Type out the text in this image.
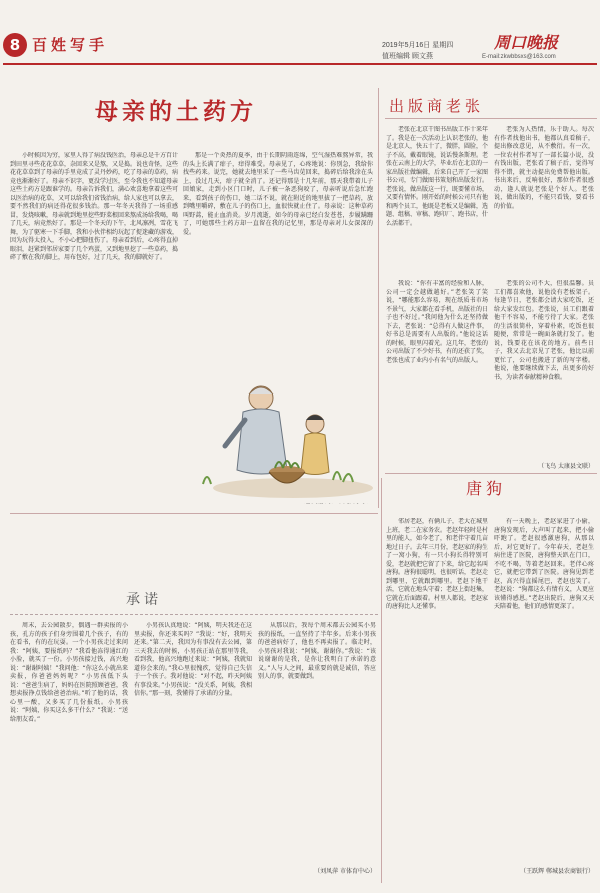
8 百姓写手	2019年5月16日 星期四
值班编辑 顾文燕
周口晚报
E-mail:zkwbbsxs@163.com
母亲的土药方

小时候因为穷，家里人得了病没钱医治，母亲总是千方百计到田里寻些花花草草，杂回来又是熬，又是捣。说也奇怪，这些花花草草到了母亲的手里竟成了灵丹妙药，吃了母亲的草药，病竟也渐渐好了。母亲不识字，更没学过医，至今我也不知道母亲这些土药方是跟谁学的。母亲告诉我们，满心欢喜地拿着这些可以医治病的花草，又可以给我们省钱治病，给人家也可以拿去，要不然我们的病还得花很多钱治。那一年冬天我得了一场重感冒，发烧咳嗽，母亲就到地里挖些野菜根回来熬成汤给我喝，喝了几天，病竟然好了。那是一个冬天的下午，北风凛冽，雪花飞舞，为了驱寒一下手脚，我和小伙伴相约玩起了捉迷藏的游戏，因为玩得太投入，不小心把脚扭伤了。母亲看到后，心疼得直掉眼泪，赶紧到邻居家要了几个鸡蛋，又到地里挖了一些草药，捣碎了敷在我的脚上，用布包好，过了几天，我的脚就好了。

那是一个炎热的夏季，由于长期阴雨连绵，空气湿热难熬异常，我的头上长满了痱子，痒得难受。母亲见了，心疼地说：你别急，我给你找些药来。说完，她就去地里采了一些马齿苋回来，捣碎后给我涂在头上，没过几天，痱子就全消了。还记得那是十几年前，那天我带着儿子回娘家，走到小区门口时，儿子被一条恶狗咬了，母亲听说后急忙跑来，看到孩子的伤口，她二话不说，就在附近的地里拔了一把草药，放到嘴里嚼碎，敷在儿子的伤口上，血很快就止住了。母亲说：这种草药叫野蒿，能止血消炎。岁月流逝，如今的母亲已经白发苍苍，步履蹒跚了，可她那些土药方却一直留在我的记忆里，那是母亲对儿女深深的爱。

出版商老张

老张在北京干图书出版工作十来年了。我是在一次活动上认识老张的，他是北京人，快五十了，微胖，圆脸，个子不高，戴着眼镜，说话慢条斯理。老张在云南上的大学，毕业后在北京的一家出版社做编辑，后来自己开了一家图书公司，专门做图书策划和出版发行。老张说，做出版这一行，既要懂市场，又要有情怀。刚开始的时候公司只有他和两个员工，他既是老板又是编辑，选题、组稿、审稿、跑印厂、跑书店，什么活都干。

我说：“你有丰富的经验和人脉，公司一定会越做越好。”老张笑了笑说，“哪能那么容易，现在纸质书市场不景气，大家都在看手机，出版社的日子也不好过。”我问他为什么还坚持做下去，老张说：“总得有人做这件事，好书总是需要有人出版的。”他说这话的时候，眼里闪着光。这几年，老张的公司出版了不少好书，有的还获了奖，老张也成了业内小有名气的出版人。

老张为人热情，乐于助人。每次有作者找他出书，他都认真看稿子，提出修改意见，从不敷衍。有一次，一位农村作者写了一部长篇小说，没有钱出版，老张看了稿子后，觉得写得不错，就主动提出免费帮他出版。书出来后，反响很好，那位作者很感动，逢人就说老张是个好人。老张说，做出版的，不能只看钱，要看书的价值。

老张的公司不大，但很温馨。员工们都喜欢他，说他没有老板架子。每逢节日，老张都会请大家吃饭，还给大家发红包。老张说，员工们跟着他干不容易，不能亏待了大家。老张的生活很简朴，穿着朴素，吃饭也很随便，常常是一碗面条就打发了。他说，钱要花在该花的地方。前些日子，我又去北京见了老张，他比以前更忙了，公司也搬进了新的写字楼。他说，他要继续做下去，出更多的好书，为读者奉献精神食粮。

（飞鸟 太康县文联）
承诺

周末，去公园散步，偶遇一群卖报的小孩，孔方的孩子们身旁围着几个孩子，有的在看书，有的在玩耍。一个小男孩走过来问我：“阿姨，要报纸吗？”我看他冻得通红的小脸，就买了一份。小男孩接过钱，高兴地说：“谢谢阿姨！”我问他：“你这么小就出来卖报，你爸爸妈妈呢？”小男孩低下头说：“爸爸生病了，妈妈在医院照顾爸爸，我想卖报挣点钱给爸爸治病。”听了他的话，我心里一酸，又多买了几份报纸。小男孩说：“阿姨，你买这么多干什么？”我说：“送给朋友看。”

小男孩认真地说：“阿姨，明天我还在这里卖报，你还来买吗？”我说：“好，我明天还来。”第二天，我因为有事没有去公园，第三天我去的时候，小男孩正站在那里等我，看到我，他高兴地跑过来说：“阿姨，我就知道你会来的。”我心里很愧疚，觉得自己失信于一个孩子。我对他说：“对不起，昨天阿姨有事没来。”小男孩说：“没关系，阿姨，我相信你。”那一刻，我懂得了承诺的分量。

从那以后，我每个周末都去公园买小男孩的报纸，一直坚持了半年多。后来小男孩的爸爸病好了，他也不再卖报了。临走时，小男孩对我说：“阿姨，谢谢你。”我说：“该说谢谢的是我，是你让我明白了承诺的意义。”人与人之间，最重要的就是诚信，答应别人的事，就要做到。

（刘凤萍 市体育中心）
唐狗

邻居老赵，有俩儿子，老大在城里上班，老二在家务农。老赵年轻时是村里的能人，如今老了，和老伴守着几亩地过日子。去年三月份，老赵家的狗生了一窝小狗，有一只小狗长得特别可爱，老赵就把它留了下来，给它起名叫唐狗。唐狗很聪明，也很听话，老赵走到哪里，它就跟到哪里。老赵下地干活，它就在地头守着；老赵上街赶集，它就在后面跟着。村里人都说，老赵家的唐狗比人还懂事。

有一天晚上，老赵家进了小偷，唐狗发现后，大声叫了起来，把小偷吓跑了。老赵很感激唐狗，从那以后，对它更好了。今年春天，老赵生病住进了医院，唐狗整天趴在门口，不吃不喝，等着老赵回来。老伴心疼它，就把它带到了医院。唐狗见到老赵，高兴得直摇尾巴，老赵也笑了。老赵说：“狗都这么有情有义，人更应该懂得感恩。”老赵出院后，唐狗又天天陪着他，他们的感情更深了。

（王跃辉 郸城县农商银行）
